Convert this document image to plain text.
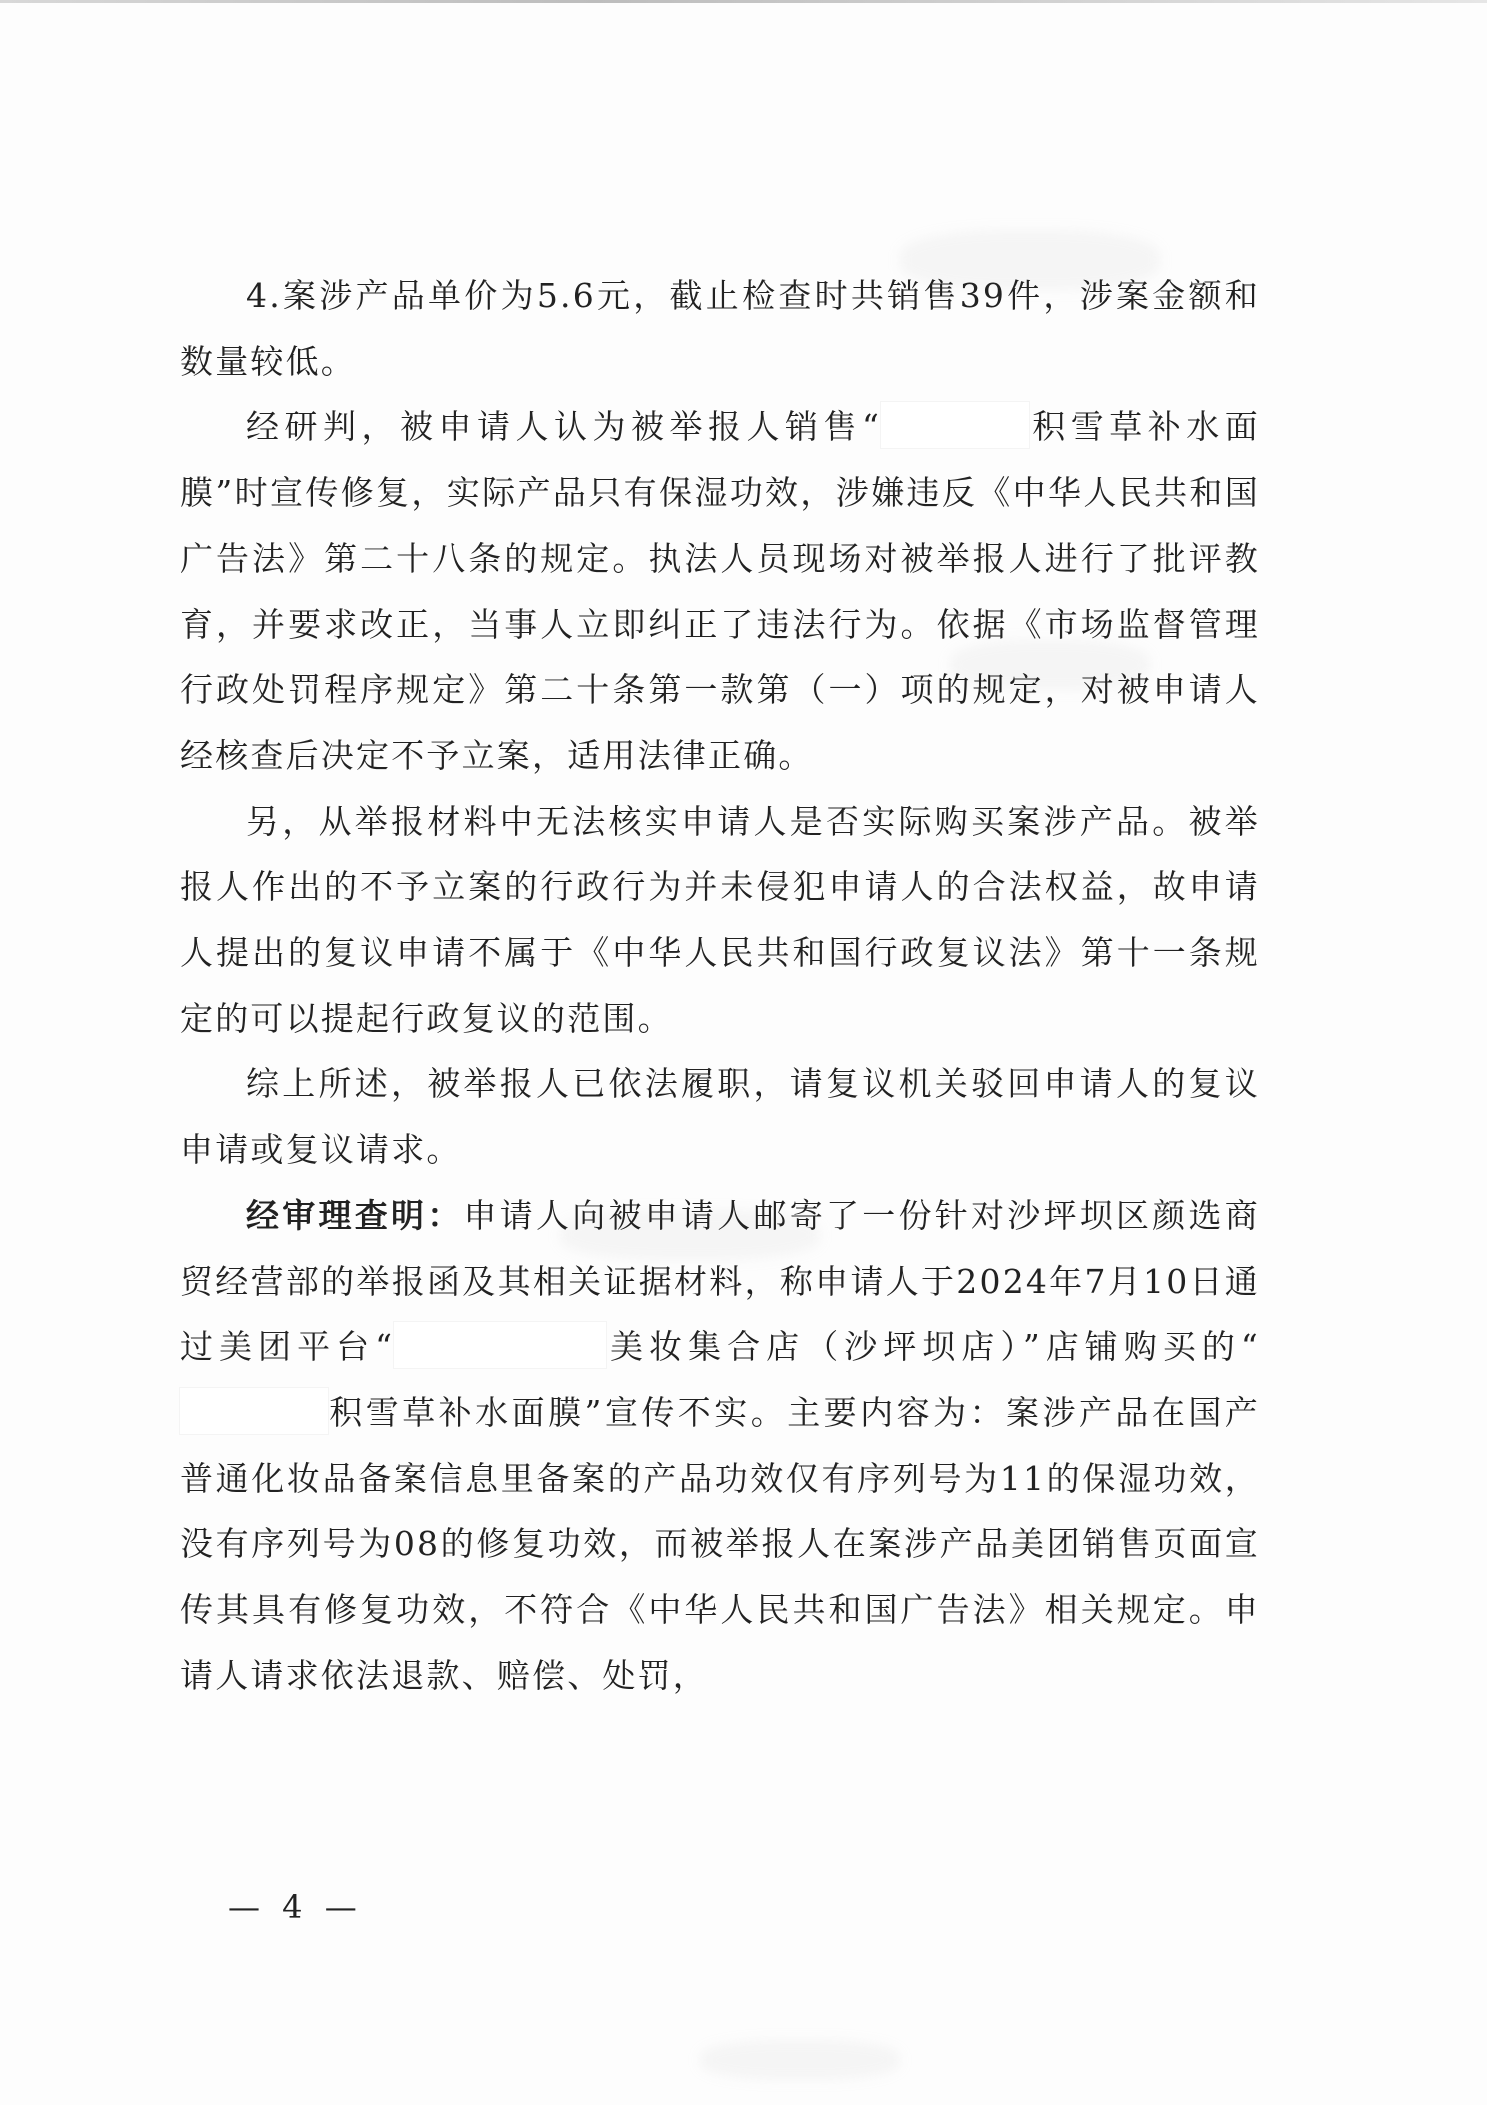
4.案涉产品单价为5.6元，截止检查时共销售39件，涉案金额和数量较低。

经研判，被申请人认为被举报人销售“	积雪草补水面膜”时宣传修复，实际产品只有保湿功效，涉嫌违反《中华人民共和国广告法》第二十八条的规定。执法人员现场对被举报人进行了批评教育，并要求改正，当事人立即纠正了违法行为。依据《市场监督管理行政处罚程序规定》第二十条第一款第（一）项的规定，对被申请人经核查后决定不予立案，适用法律正确。

另，从举报材料中无法核实申请人是否实际购买案涉产品。被举报人作出的不予立案的行政行为并未侵犯申请人的合法权益，故申请人提出的复议申请不属于《中华人民共和国行政复议法》第十一条规定的可以提起行政复议的范围。

综上所述，被举报人已依法履职，请复议机关驳回申请人的复议申请或复议请求。

经审理查明：申请人向被申请人邮寄了一份针对沙坪坝区颜选商贸经营部的举报函及其相关证据材料，称申请人于2024年7月10日通过美团平台“	美妆集合店（沙坪坝店）”店铺购买的“积雪草补水面膜”宣传不实。主要内容为：案涉产品在国产普通化妆品备案信息里备案的产品功效仅有序列号为11的保湿功效，没有序列号为08的修复功效，而被举报人在案涉产品美团销售页面宣传其具有修复功效，不符合《中华人民共和国广告法》相关规定。申请人请求依法退款、赔偿、处罚，

— 4 —
